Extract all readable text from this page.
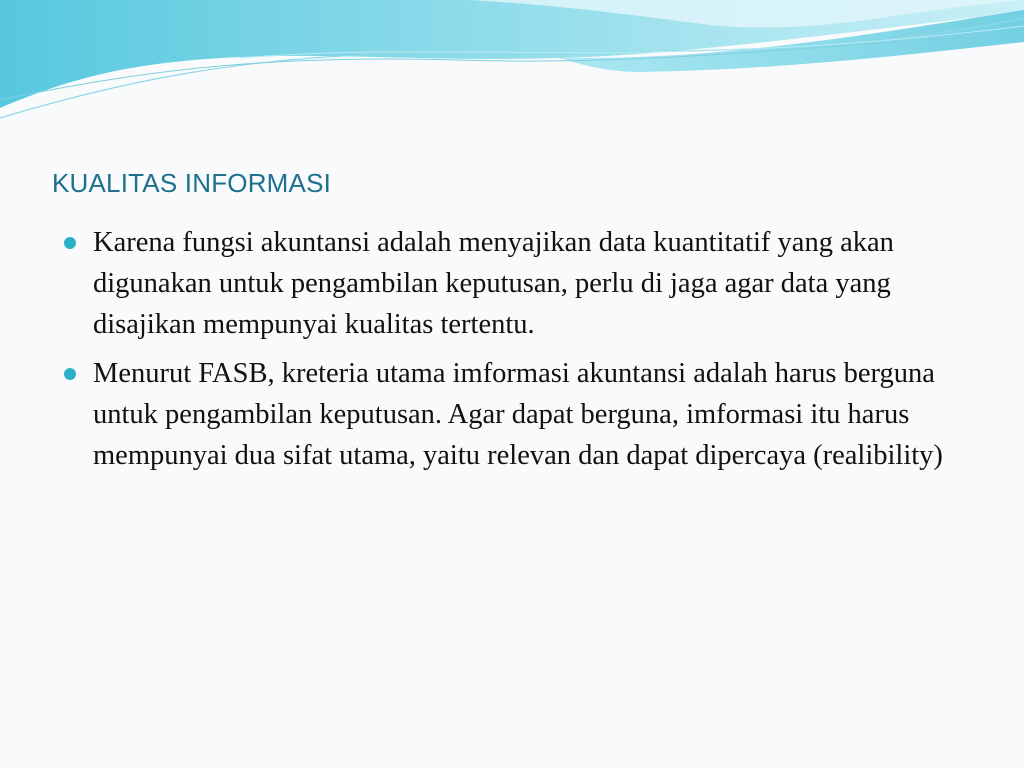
KUALITAS INFORMASI
Karena fungsi akuntansi adalah menyajikan data kuantitatif yang akan  digunakan untuk pengambilan keputusan, perlu di jaga agar data yang disajikan mempunyai kualitas tertentu.
Menurut FASB, kreteria utama imformasi akuntansi adalah harus berguna untuk pengambilan keputusan. Agar dapat berguna, imformasi itu harus mempunyai dua sifat utama, yaitu relevan dan dapat dipercaya (realibility)
